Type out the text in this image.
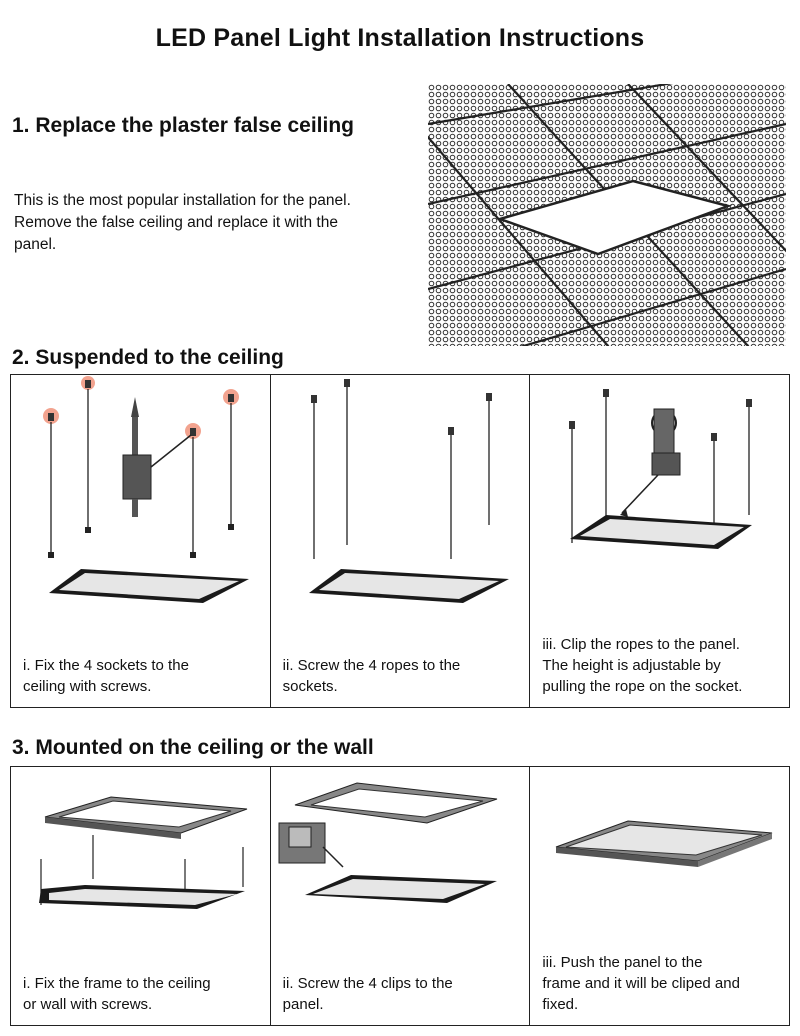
LED Panel Light Installation Instructions
1. Replace the plaster false ceiling
This is the most popular installation for the panel.
Remove the false ceiling and replace it with the
panel.
2. Suspended to the ceiling
i. Fix the 4 sockets to the
ceiling with screws.
ii. Screw the 4 ropes to the
sockets.
iii. Clip the ropes to the panel.
The height is adjustable by
pulling the rope on the socket.
3. Mounted on the ceiling or the wall
i. Fix the frame to the ceiling
or wall with screws.
ii. Screw the 4 clips to the
panel.
iii. Push the panel to the
frame and it will be cliped and
fixed.
